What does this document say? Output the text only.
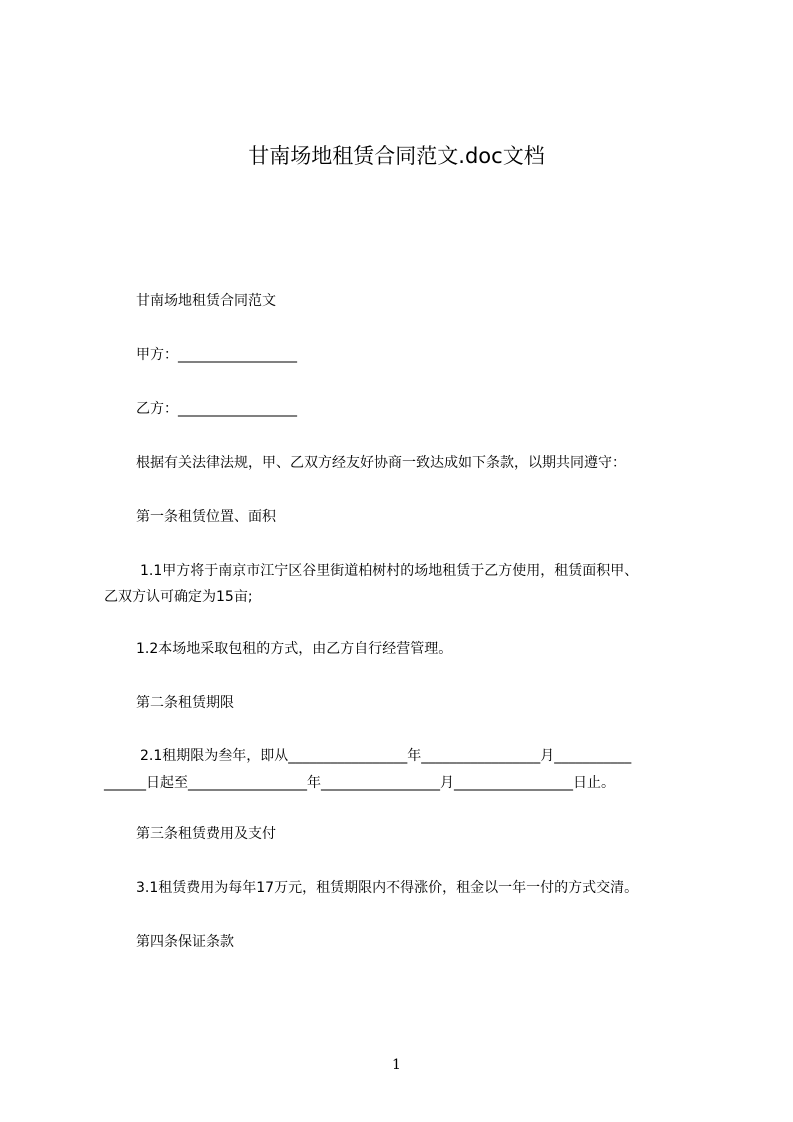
甘南场地租赁合同范文.doc文档
甘南场地租赁合同范文
甲方：_________________
乙方：_________________
根据有关法律法规，甲、乙双方经友好协商一致达成如下条款，以期共同遵守：
第一条租赁位置、面积
1.1甲方将于南京市江宁区谷里街道柏树村的场地租赁于乙方使用，租赁面积甲、
乙双方认可确定为15亩;
1.2本场地采取包租的方式，由乙方自行经营管理。
第二条租赁期限
2.1租期限为叁年，即从_________________年_________________月___________
______日起至_________________年_________________月_________________日止。
第三条租赁费用及支付
3.1租赁费用为每年17万元，租赁期限内不得涨价，租金以一年一付的方式交清。
第四条保证条款
1
